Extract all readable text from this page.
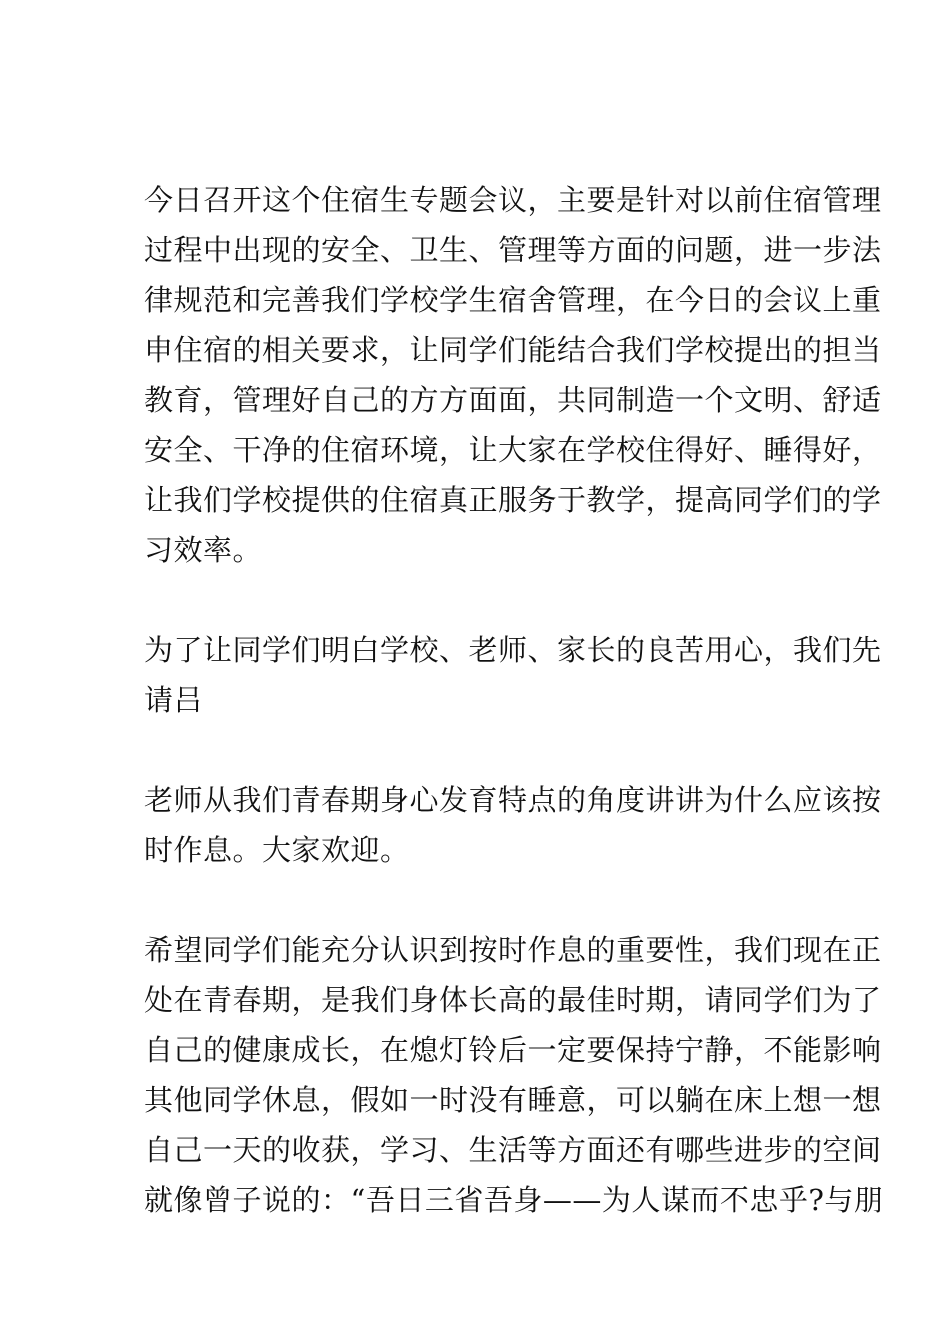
今日召开这个住宿生专题会议，主要是针对以前住宿管理
过程中出现的安全、卫生、管理等方面的问题，进一步法
律规范和完善我们学校学生宿舍管理，在今日的会议上重
申住宿的相关要求，让同学们能结合我们学校提出的担当
教育，管理好自己的方方面面，共同制造一个文明、舒适
安全、干净的住宿环境，让大家在学校住得好、睡得好，
让我们学校提供的住宿真正服务于教学，提高同学们的学
习效率。
为了让同学们明白学校、老师、家长的良苦用心，我们先
请吕
老师从我们青春期身心发育特点的角度讲讲为什么应该按
时作息。大家欢迎。
希望同学们能充分认识到按时作息的重要性，我们现在正
处在青春期，是我们身体长高的最佳时期，请同学们为了
自己的健康成长，在熄灯铃后一定要保持宁静，不能影响
其他同学休息，假如一时没有睡意，可以躺在床上想一想
自己一天的收获，学习、生活等方面还有哪些进步的空间
就像曾子说的：“吾日三省吾身——为人谋而不忠乎?与朋
